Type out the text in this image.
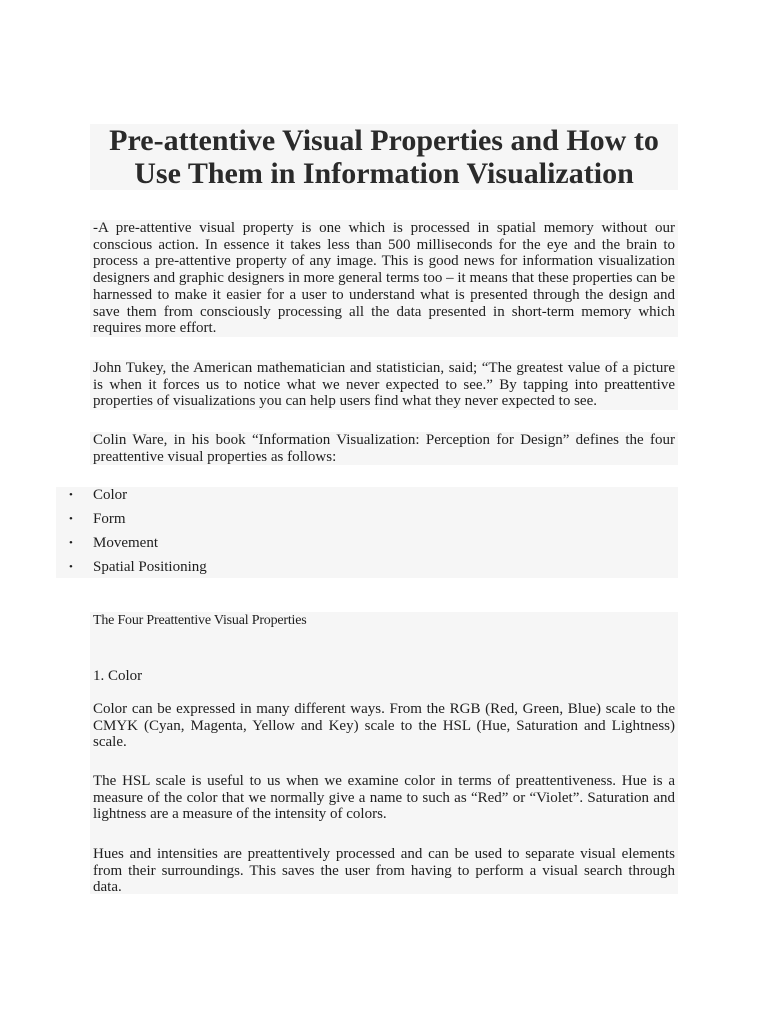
Pre-attentive Visual Properties and How to
Use Them in Information Visualization
-A pre-attentive visual property is one which is processed in spatial memory without our conscious action. In essence it takes less than 500 milliseconds for the eye and the brain to process a pre-attentive property of any image. This is good news for information visualization designers and graphic designers in more general terms too – it means that these properties can be harnessed to make it easier for a user to understand what is presented through the design and save them from consciously processing all the data presented in short-term memory which requires more effort.
John Tukey, the American mathematician and statistician, said; “The greatest value of a picture is when it forces us to notice what we never expected to see.” By tapping into preattentive properties of visualizations you can help users find what they never expected to see.
Colin Ware, in his book “Information Visualization: Perception for Design” defines the four preattentive visual properties as follows:
• Color
• Form
• Movement
• Spatial Positioning
The Four Preattentive Visual Properties
1. Color
Color can be expressed in many different ways. From the RGB (Red, Green, Blue) scale to the CMYK (Cyan, Magenta, Yellow and Key) scale to the HSL (Hue, Saturation and Lightness) scale.
The HSL scale is useful to us when we examine color in terms of preattentiveness. Hue is a measure of the color that we normally give a name to such as “Red” or “Violet”. Saturation and lightness are a measure of the intensity of colors.
Hues and intensities are preattentively processed and can be used to separate visual elements from their surroundings. This saves the user from having to perform a visual search through data.
